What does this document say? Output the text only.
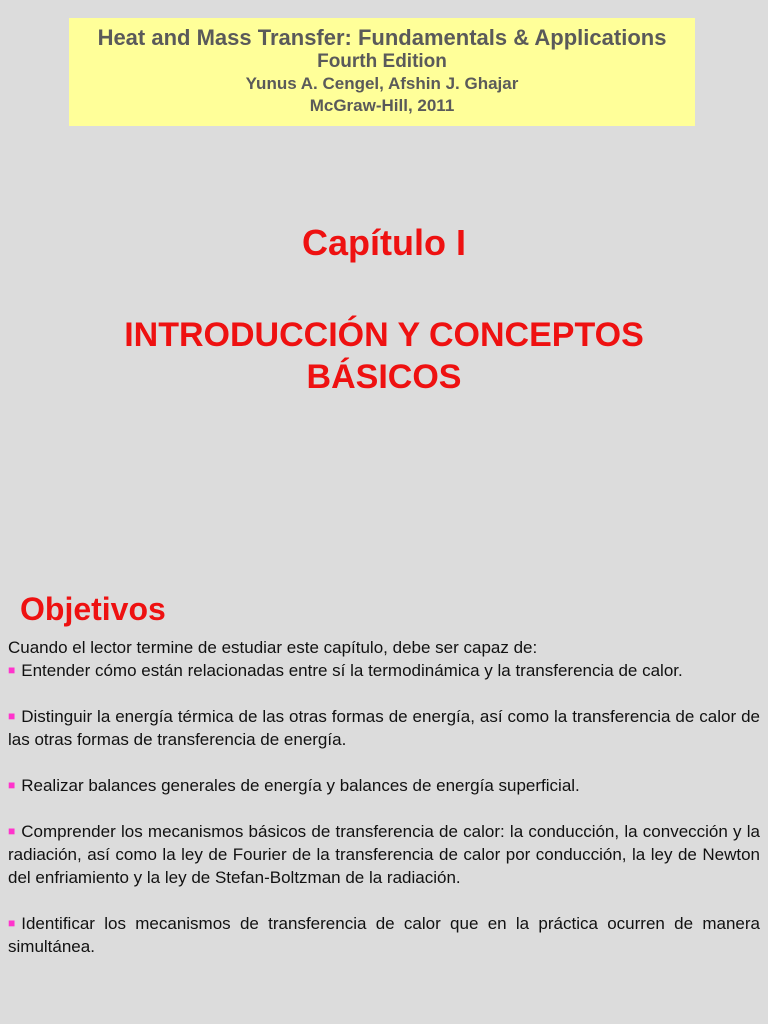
Heat and Mass Transfer: Fundamentals & Applications
Fourth Edition
Yunus A. Cengel, Afshin J. Ghajar
McGraw-Hill, 2011
Capítulo I
INTRODUCCIÓN Y CONCEPTOS
BÁSICOS
Objetivos

Cuando el lector termine de estudiar este capítulo, debe ser capaz de:

■ Entender cómo están relacionadas entre sí la termodinámica y la transferencia de calor.

■ Distinguir la energía térmica de las otras formas de energía, así como la transferencia de calor de las otras formas de transferencia de energía.

■ Realizar balances generales de energía y balances de energía superficial.

■ Comprender los mecanismos básicos de transferencia de calor: la conducción, la convección y la radiación, así como la ley de Fourier de la transferencia de calor por conducción, la ley de Newton del enfriamiento y la ley de Stefan-Boltzman de la radiación.

■ Identificar los mecanismos de transferencia de calor que en la práctica ocurren de manera simultánea.
